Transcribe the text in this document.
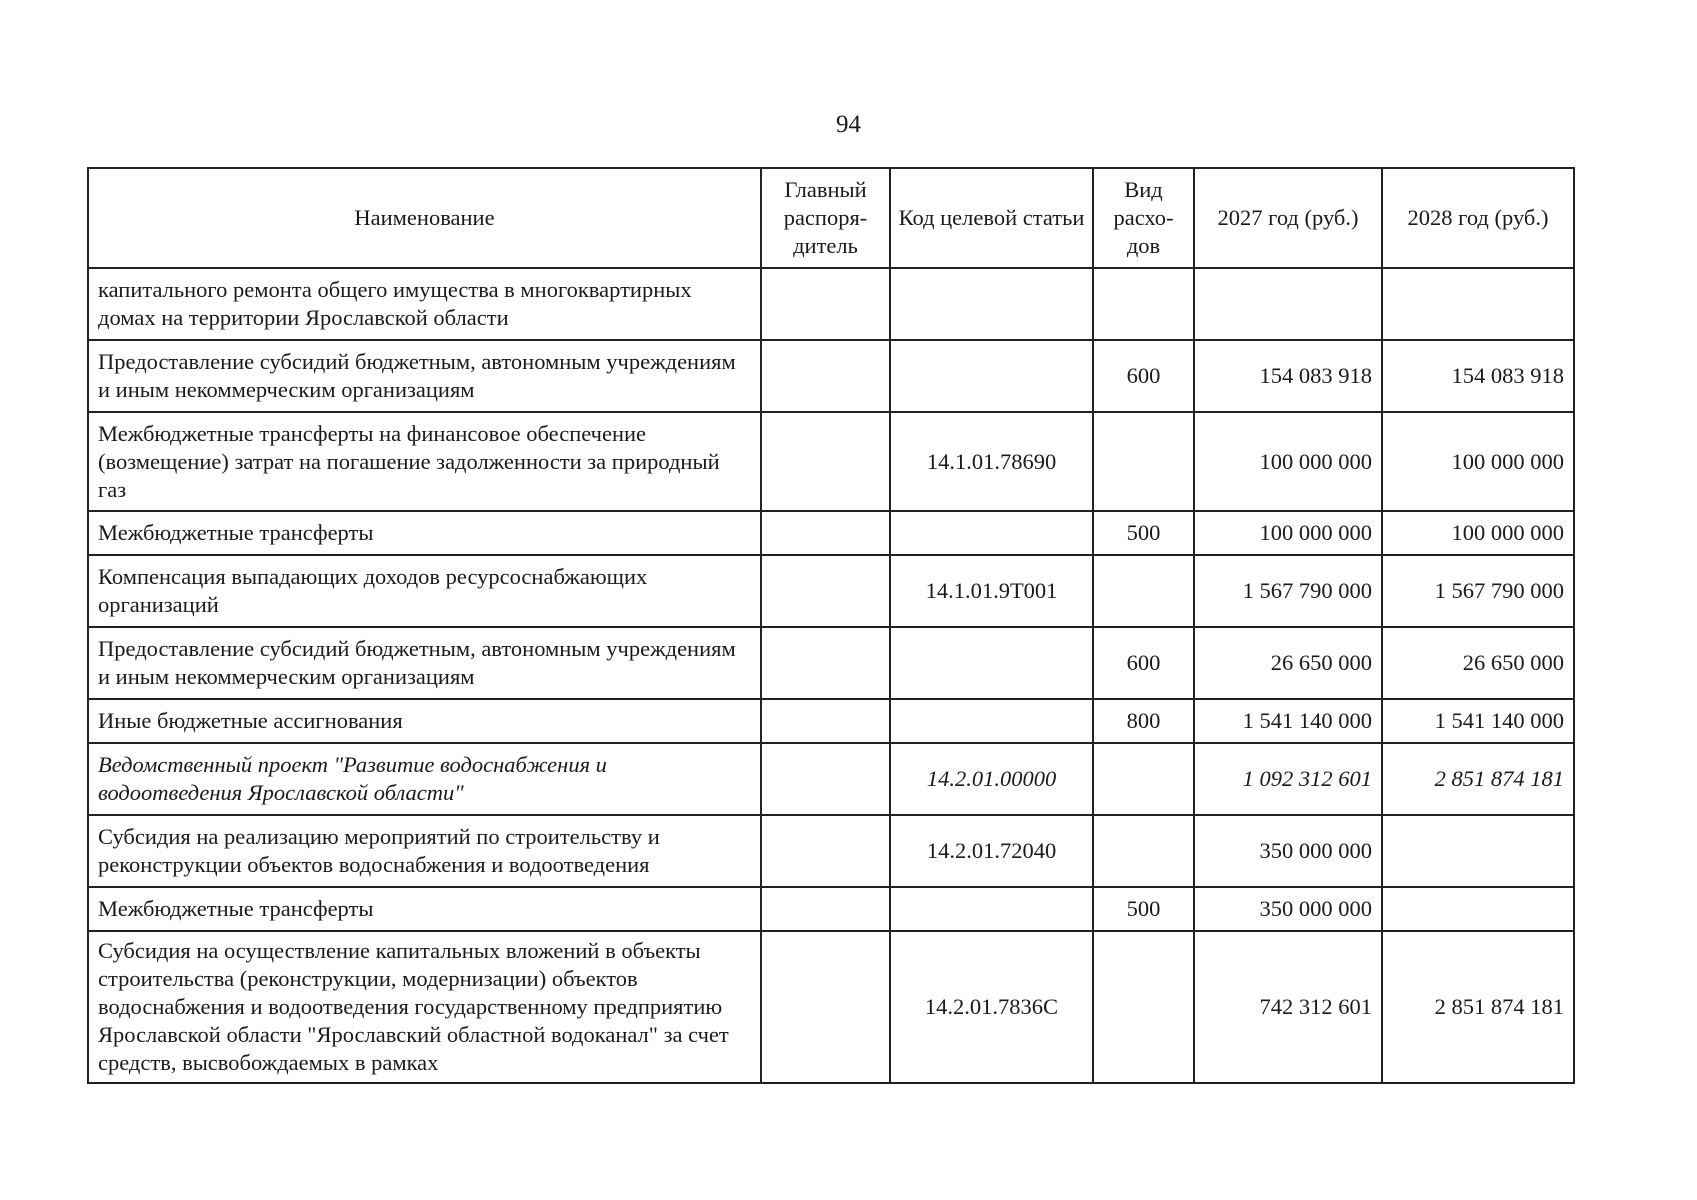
94
Наименование	Главный распоря-дитель	Код целевой статьи	Вид расхо-дов	2027 год (руб.)	2028 год (руб.)
капитального ремонта общего имущества в многоквартирных домах на территории Ярославской области					
Предоставление субсидий бюджетным, автономным учреждениям и иным некоммерческим организациям			600	154 083 918	154 083 918
Межбюджетные трансферты на финансовое обеспечение (возмещение) затрат на погашение задолженности за природный газ		14.1.01.78690		100 000 000	100 000 000
Межбюджетные трансферты			500	100 000 000	100 000 000
Компенсация выпадающих доходов ресурсоснабжающих организаций		14.1.01.9Т001		1 567 790 000	1 567 790 000
Предоставление субсидий бюджетным, автономным учреждениям и иным некоммерческим организациям			600	26 650 000	26 650 000
Иные бюджетные ассигнования			800	1 541 140 000	1 541 140 000
Ведомственный проект "Развитие водоснабжения и водоотведения Ярославской области"		14.2.01.00000		1 092 312 601	2 851 874 181
Субсидия на реализацию мероприятий по строительству и реконструкции объектов водоснабжения и водоотведения		14.2.01.72040		350 000 000	
Межбюджетные трансферты			500	350 000 000	
Субсидия на осуществление капитальных вложений в объекты строительства (реконструкции, модернизации) объектов водоснабжения и водоотведения государственному предприятию Ярославской области "Ярославский областной водоканал" за счет средств, высвобождаемых в рамках		14.2.01.7836С		742 312 601	2 851 874 181
